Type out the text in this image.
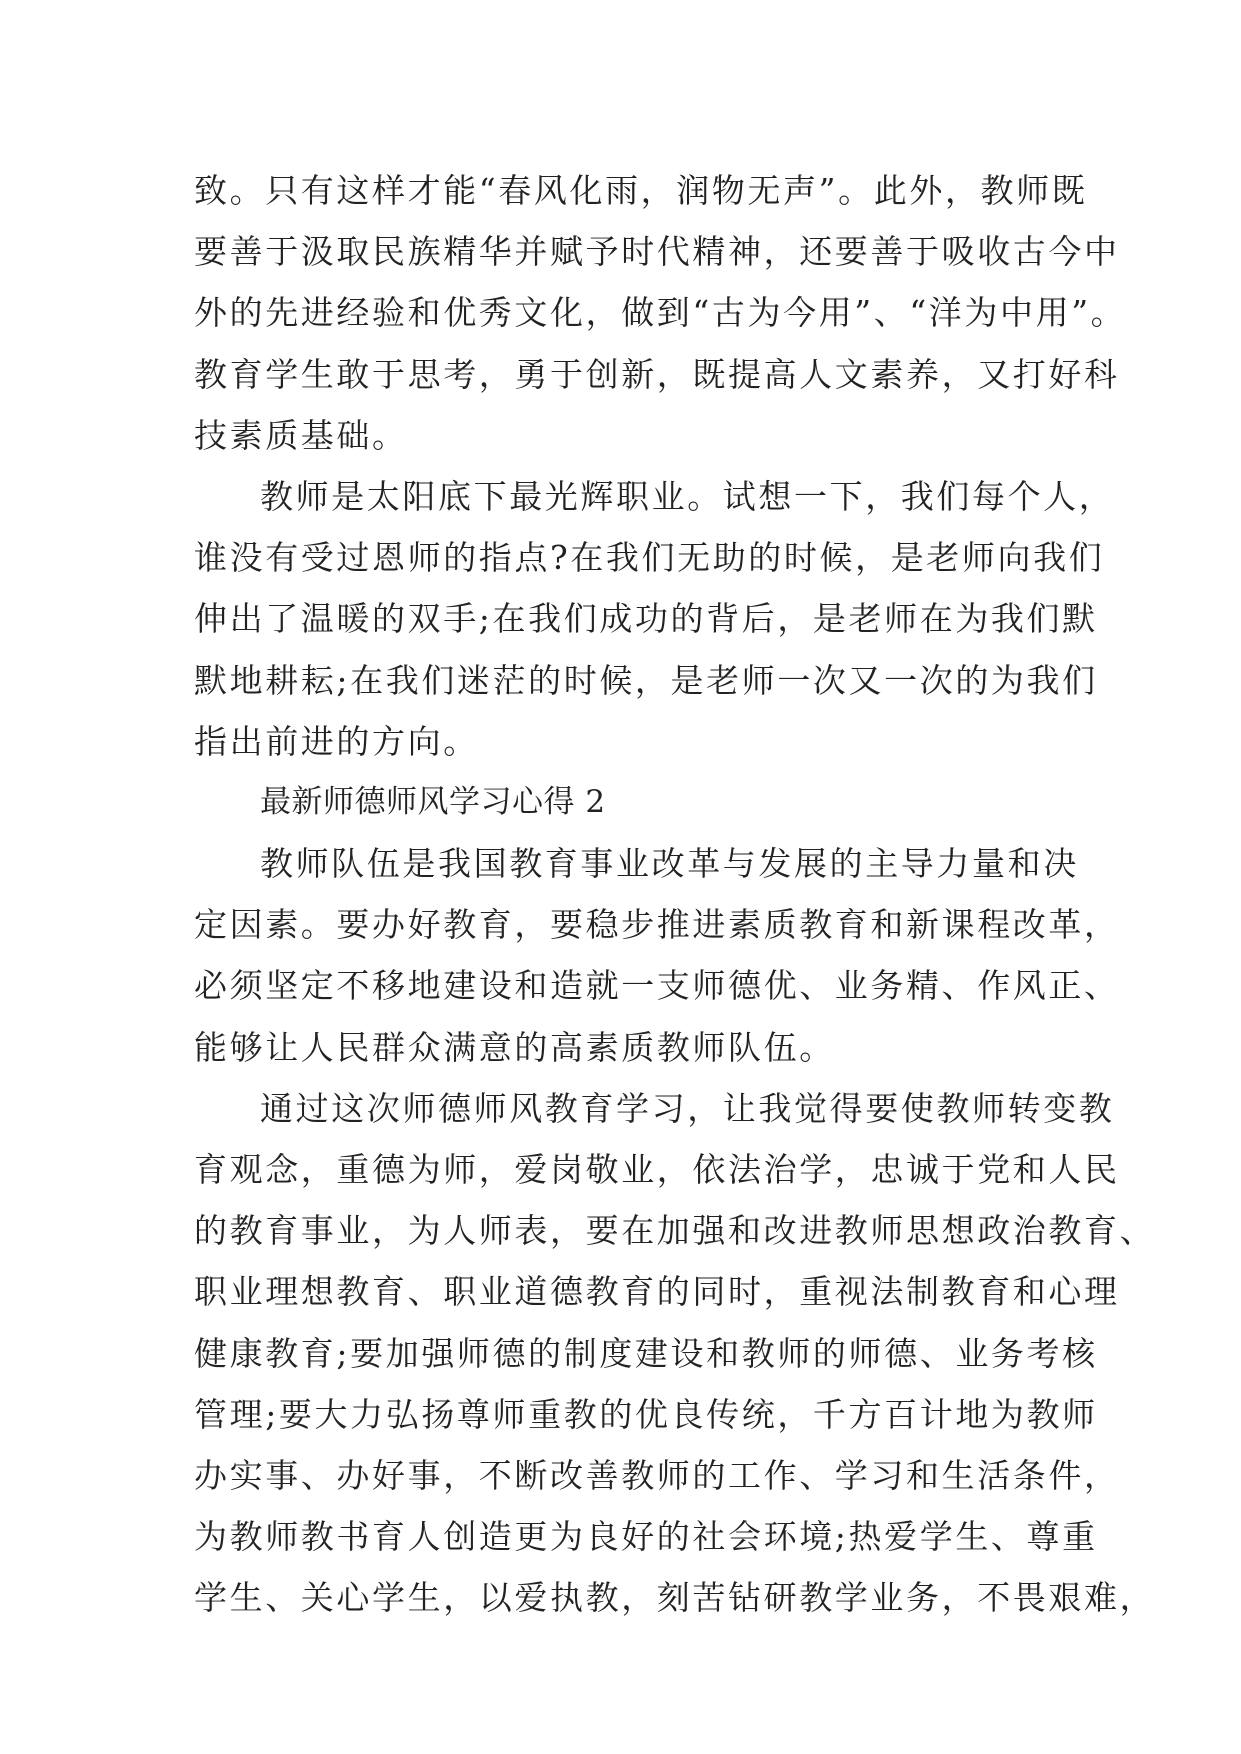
致。只有这样才能“春风化雨，润物无声”。此外，教师既
要善于汲取民族精华并赋予时代精神，还要善于吸收古今中
外的先进经验和优秀文化，做到“古为今用”、“洋为中用”。
教育学生敢于思考，勇于创新，既提高人文素养，又打好科
技素质基础。
教师是太阳底下最光辉职业。试想一下，我们每个人，
谁没有受过恩师的指点?在我们无助的时候，是老师向我们
伸出了温暖的双手;在我们成功的背后，是老师在为我们默
默地耕耘;在我们迷茫的时候，是老师一次又一次的为我们
指出前进的方向。
最新师德师风学习心得 2
教师队伍是我国教育事业改革与发展的主导力量和决
定因素。要办好教育，要稳步推进素质教育和新课程改革，
必须坚定不移地建设和造就一支师德优、业务精、作风正、
能够让人民群众满意的高素质教师队伍。
通过这次师德师风教育学习，让我觉得要使教师转变教
育观念，重德为师，爱岗敬业，依法治学，忠诚于党和人民
的教育事业，为人师表，要在加强和改进教师思想政治教育、
职业理想教育、职业道德教育的同时，重视法制教育和心理
健康教育;要加强师德的制度建设和教师的师德、业务考核
管理;要大力弘扬尊师重教的优良传统，千方百计地为教师
办实事、办好事，不断改善教师的工作、学习和生活条件，
为教师教书育人创造更为良好的社会环境;热爱学生、尊重
学生、关心学生，以爱执教，刻苦钻研教学业务，不畏艰难，
